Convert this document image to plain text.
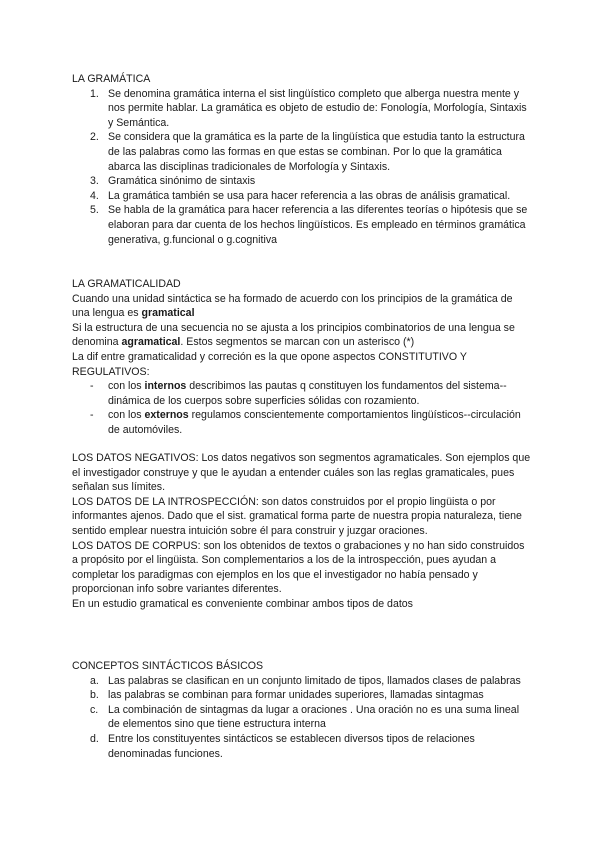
LA GRAMÁTICA
1. Se denomina gramática interna el sist lingüístico completo que alberga nuestra mente y nos permite hablar. La gramática es objeto de estudio de: Fonología, Morfología, Sintaxis y Semántica.
2. Se considera que la gramática es la parte de la lingüística que estudia tanto la estructura de las palabras como las formas en que estas se combinan. Por lo que la gramática abarca las disciplinas tradicionales de Morfología y Sintaxis.
3. Gramática sinónimo de sintaxis
4. La gramática también se usa para hacer referencia a las obras de análisis gramatical.
5. Se habla de la gramática para hacer referencia a las diferentes teorías o hipótesis que se elaboran para dar cuenta de los hechos lingüísticos. Es empleado en términos gramática generativa, g.funcional o g.cognitiva
LA GRAMATICALIDAD

Cuando una unidad sintáctica se ha formado de acuerdo con los principios de la gramática de una lengua es gramatical

Si la estructura de una secuencia no se ajusta a los principios combinatorios de una lengua se denomina agramatical. Estos segmentos se marcan con un asterisco (*)

La dif entre gramaticalidad y correción es la que opone aspectos CONSTITUTIVO Y REGULATIVOS:

- con los internos describimos las pautas q constituyen los fundamentos del sistema--dinámica de los cuerpos sobre superficies sólidas con rozamiento.
- con los externos regulamos conscientemente comportamientos lingüísticos--circulación de automóviles.

LOS DATOS NEGATIVOS: Los datos negativos son segmentos agramaticales. Son ejemplos que el investigador construye y que le ayudan a entender cuáles son las reglas gramaticales, pues señalan sus límites.

LOS DATOS DE LA INTROSPECCIÓN: son datos construidos por el propio lingüista o por informantes ajenos. Dado que el sist. gramatical forma parte de nuestra propia naturaleza, tiene sentido emplear nuestra intuición sobre él para construir y juzgar oraciones.

LOS DATOS DE CORPUS: son los obtenidos de textos o grabaciones y no han sido construidos a propósito por el lingüista. Son complementarios a los de la introspección, pues ayudan a completar los paradigmas con ejemplos en los que el investigador no había pensado y proporcionan info sobre variantes diferentes.

En un estudio gramatical es conveniente combinar ambos tipos de datos

CONCEPTOS SINTÁCTICOS BÁSICOS
a. Las palabras se clasifican en un conjunto limitado de tipos, llamados clases de palabras
b. las palabras se combinan para formar unidades superiores, llamadas sintagmas
c. La combinación de sintagmas da lugar a oraciones . Una oración no es una suma lineal de elementos sino que tiene estructura interna
d. Entre los constituyentes sintácticos se establecen diversos tipos de relaciones denominadas funciones.
